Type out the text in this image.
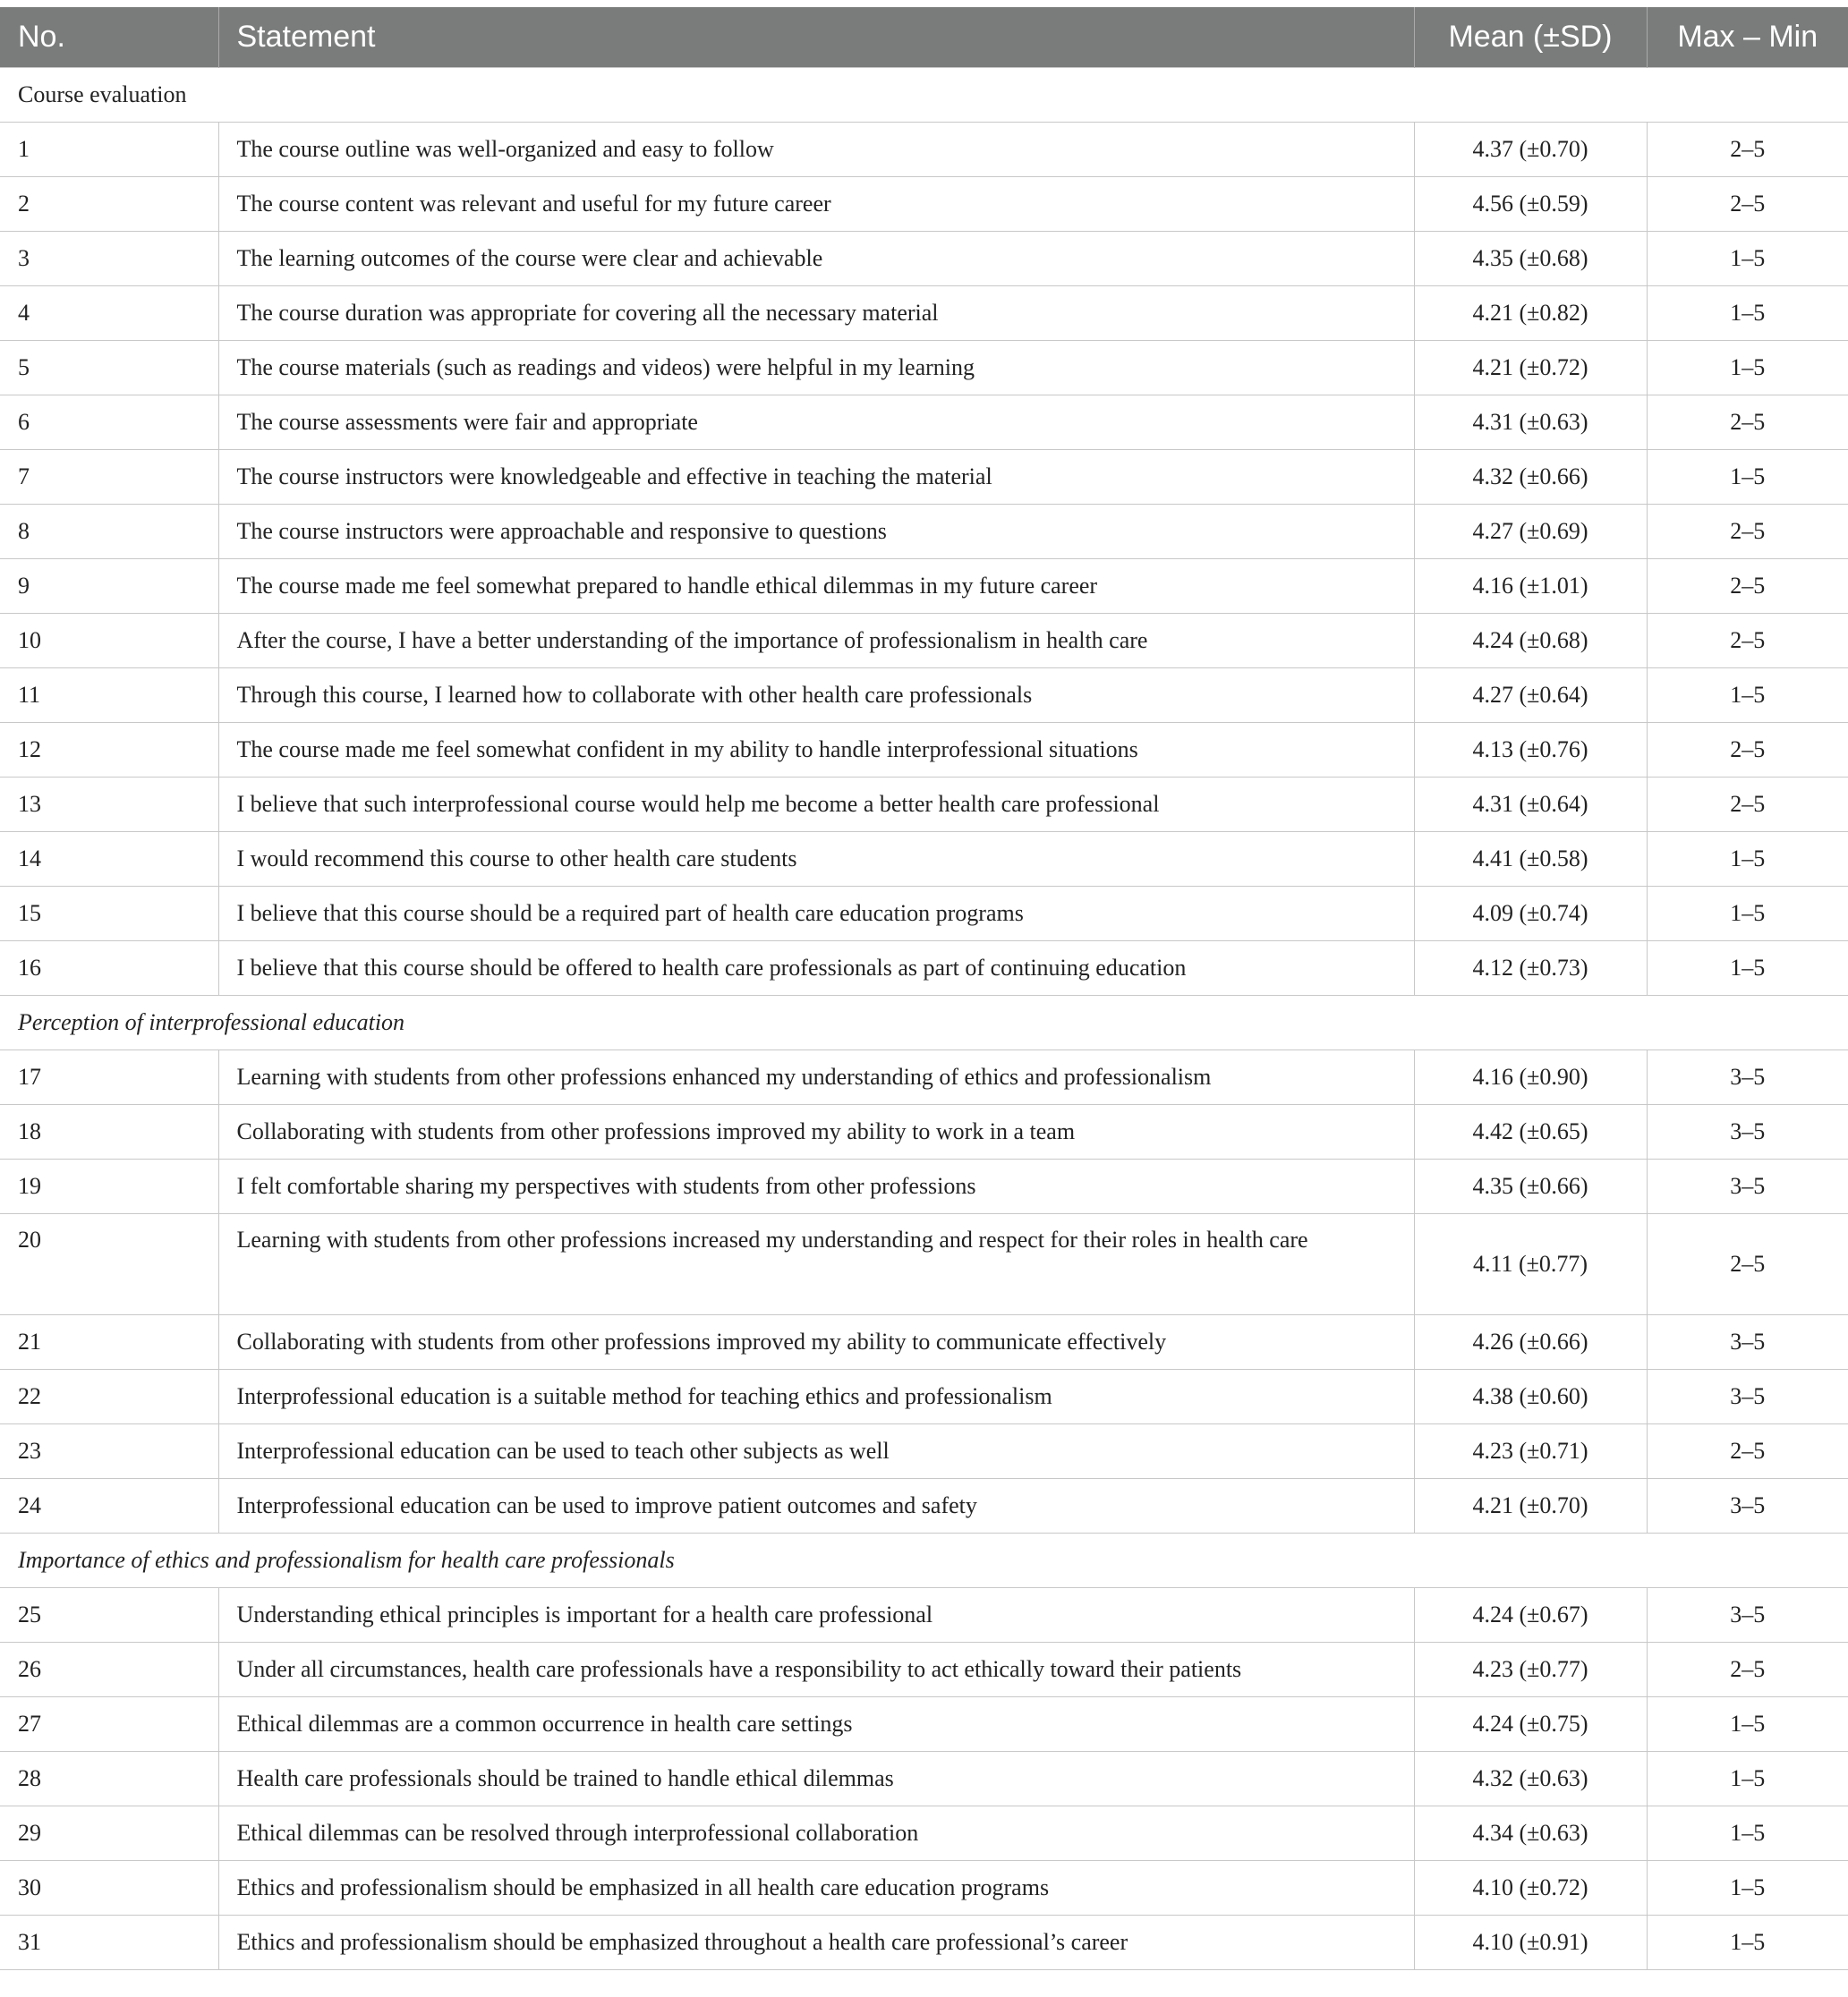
No.	Statement	Mean (±SD)	Max – Min
Course evaluation			
1	The course outline was well-organized and easy to follow	4.37 (±0.70)	2–5
2	The course content was relevant and useful for my future career	4.56 (±0.59)	2–5
3	The learning outcomes of the course were clear and achievable	4.35 (±0.68)	1–5
4	The course duration was appropriate for covering all the necessary material	4.21 (±0.82)	1–5
5	The course materials (such as readings and videos) were helpful in my learning	4.21 (±0.72)	1–5
6	The course assessments were fair and appropriate	4.31 (±0.63)	2–5
7	The course instructors were knowledgeable and effective in teaching the material	4.32 (±0.66)	1–5
8	The course instructors were approachable and responsive to questions	4.27 (±0.69)	2–5
9	The course made me feel somewhat prepared to handle ethical dilemmas in my future career	4.16 (±1.01)	2–5
10	After the course, I have a better understanding of the importance of professionalism in health care	4.24 (±0.68)	2–5
11	Through this course, I learned how to collaborate with other health care professionals	4.27 (±0.64)	1–5
12	The course made me feel somewhat confident in my ability to handle interprofessional situations	4.13 (±0.76)	2–5
13	I believe that such interprofessional course would help me become a better health care professional	4.31 (±0.64)	2–5
14	I would recommend this course to other health care students	4.41 (±0.58)	1–5
15	I believe that this course should be a required part of health care education programs	4.09 (±0.74)	1–5
16	I believe that this course should be offered to health care professionals as part of continuing education	4.12 (±0.73)	1–5
Perception of interprofessional education			
17	Learning with students from other professions enhanced my understanding of ethics and professionalism	4.16 (±0.90)	3–5
18	Collaborating with students from other professions improved my ability to work in a team	4.42 (±0.65)	3–5
19	I felt comfortable sharing my perspectives with students from other professions	4.35 (±0.66)	3–5
20	Learning with students from other professions increased my understanding and respect for their roles in health care	4.11 (±0.77)	2–5
21	Collaborating with students from other professions improved my ability to communicate effectively	4.26 (±0.66)	3–5
22	Interprofessional education is a suitable method for teaching ethics and professionalism	4.38 (±0.60)	3–5
23	Interprofessional education can be used to teach other subjects as well	4.23 (±0.71)	2–5
24	Interprofessional education can be used to improve patient outcomes and safety	4.21 (±0.70)	3–5
Importance of ethics and professionalism for health care professionals			
25	Understanding ethical principles is important for a health care professional	4.24 (±0.67)	3–5
26	Under all circumstances, health care professionals have a responsibility to act ethically toward their patients	4.23 (±0.77)	2–5
27	Ethical dilemmas are a common occurrence in health care settings	4.24 (±0.75)	1–5
28	Health care professionals should be trained to handle ethical dilemmas	4.32 (±0.63)	1–5
29	Ethical dilemmas can be resolved through interprofessional collaboration	4.34 (±0.63)	1–5
30	Ethics and professionalism should be emphasized in all health care education programs	4.10 (±0.72)	1–5
31	Ethics and professionalism should be emphasized throughout a health care professional’s career	4.10 (±0.91)	1–5
